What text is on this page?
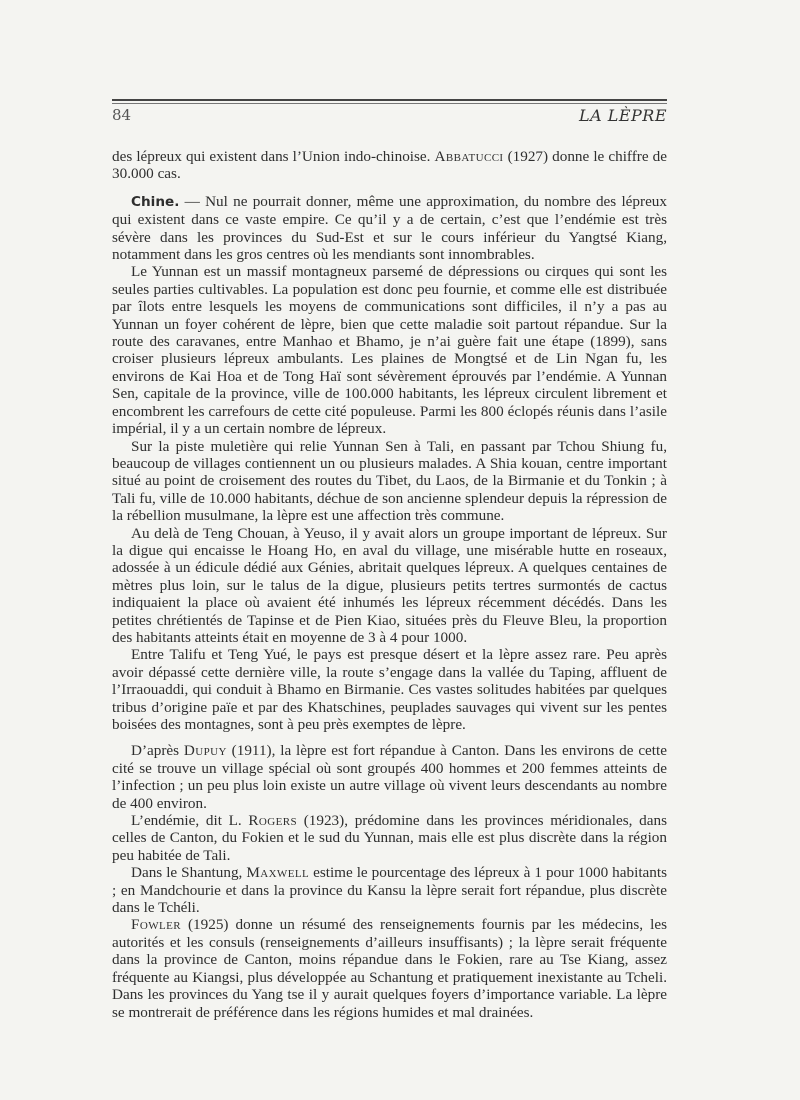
84	LA LÈPRE

des lépreux qui existent dans l’Union indo-chinoise. Abbatucci (1927) donne le chiffre de 30.000 cas.

Chine. — Nul ne pourrait donner, même une approximation, du nombre des lépreux qui existent dans ce vaste empire. Ce qu’il y a de certain, c’est que l’endémie est très sévère dans les provinces du Sud-Est et sur le cours inférieur du Yangtsé Kiang, notamment dans les gros centres où les mendiants sont innombrables.

Le Yunnan est un massif montagneux parsemé de dépressions ou cirques qui sont les seules parties cultivables. La population est donc peu fournie, et comme elle est distribuée par îlots entre lesquels les moyens de communications sont difficiles, il n’y a pas au Yunnan un foyer cohérent de lèpre, bien que cette maladie soit partout répandue. Sur la route des caravanes, entre Manhao et Bhamo, je n’ai guère fait une étape (1899), sans croiser plusieurs lépreux ambulants. Les plaines de Mongtsé et de Lin Ngan fu, les environs de Kai Hoa et de Tong Haï sont sévèrement éprouvés par l’endémie. A Yunnan Sen, capitale de la province, ville de 100.000 habitants, les lépreux circulent librement et encombrent les carrefours de cette cité populeuse. Parmi les 800 éclopés réunis dans l’asile impérial, il y a un certain nombre de lépreux.

Sur la piste muletière qui relie Yunnan Sen à Tali, en passant par Tchou Shiung fu, beaucoup de villages contiennent un ou plusieurs malades. A Shia kouan, centre important situé au point de croisement des routes du Tibet, du Laos, de la Birmanie et du Tonkin ; à Tali fu, ville de 10.000 habitants, déchue de son ancienne splendeur depuis la répression de la rébellion musulmane, la lèpre est une affection très commune.

Au delà de Teng Chouan, à Yeuso, il y avait alors un groupe important de lépreux. Sur la digue qui encaisse le Hoang Ho, en aval du village, une misérable hutte en roseaux, adossée à un édicule dédié aux Génies, abritait quelques lépreux. A quelques centaines de mètres plus loin, sur le talus de la digue, plusieurs petits tertres surmontés de cactus indiquaient la place où avaient été inhumés les lépreux récemment décédés. Dans les petites chrétientés de Tapinse et de Pien Kiao, situées près du Fleuve Bleu, la proportion des habitants atteints était en moyenne de 3 à 4 pour 1000.

Entre Talifu et Teng Yué, le pays est presque désert et la lèpre assez rare. Peu après avoir dépassé cette dernière ville, la route s’engage dans la vallée du Taping, affluent de l’Irraouaddi, qui conduit à Bhamo en Birmanie. Ces vastes solitudes habitées par quelques tribus d’origine païe et par des Khatschines, peuplades sauvages qui vivent sur les pentes boisées des montagnes, sont à peu près exemptes de lèpre.

D’après Dupuy (1911), la lèpre est fort répandue à Canton. Dans les environs de cette cité se trouve un village spécial où sont groupés 400 hommes et 200 femmes atteints de l’infection ; un peu plus loin existe un autre village où vivent leurs descendants au nombre de 400 environ.

L’endémie, dit L. Rogers (1923), prédomine dans les provinces méridionales, dans celles de Canton, du Fokien et le sud du Yunnan, mais elle est plus discrète dans la région peu habitée de Tali.

Dans le Shantung, Maxwell estime le pourcentage des lépreux à 1 pour 1000 habitants ; en Mandchourie et dans la province du Kansu la lèpre serait fort répandue, plus discrète dans le Tchéli.

Fowler (1925) donne un résumé des renseignements fournis par les médecins, les autorités et les consuls (renseignements d’ailleurs insuffisants) ; la lèpre serait fréquente dans la province de Canton, moins répandue dans le Fokien, rare au Tse Kiang, assez fréquente au Kiangsi, plus développée au Schantung et pratiquement inexistante au Tcheli. Dans les provinces du Yang tse il y aurait quelques foyers d’importance variable. La lèpre se montrerait de préférence dans les régions humides et mal drainées.
